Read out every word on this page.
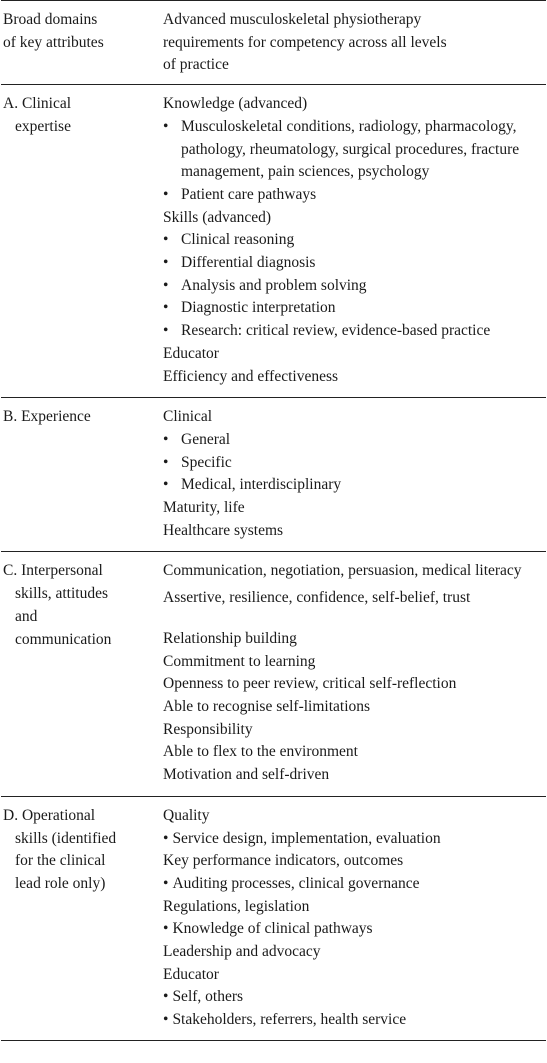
Broad domains
of key attributes
Advanced musculoskeletal physiotherapy
requirements for competency across all levels
of practice
A. Clinical
expertise
Knowledge (advanced)
• Musculoskeletal conditions, radiology, pharmacology, pathology, rheumatology, surgical procedures, fracture management, pain sciences, psychology
• Patient care pathways
Skills (advanced)
• Clinical reasoning
• Differential diagnosis
• Analysis and problem solving
• Diagnostic interpretation
• Research: critical review, evidence-based practice
Educator
Efficiency and effectiveness
B. Experience	Clinical
• General
• Specific
• Medical, interdisciplinary
Maturity, life
Healthcare systems
C. Interpersonal
skills, attitudes
and
communication
Communication, negotiation, persuasion, medical literacy
Assertive, resilience, confidence, self-belief, trust
Relationship building
Commitment to learning
Openness to peer review, critical self-reflection
Able to recognise self-limitations
Responsibility
Able to flex to the environment
Motivation and self-driven
D. Operational
skills (identified
for the clinical
lead role only)
Quality
• Service design, implementation, evaluation
Key performance indicators, outcomes
• Auditing processes, clinical governance
Regulations, legislation
• Knowledge of clinical pathways
Leadership and advocacy
Educator
• Self, others
• Stakeholders, referrers, health service
